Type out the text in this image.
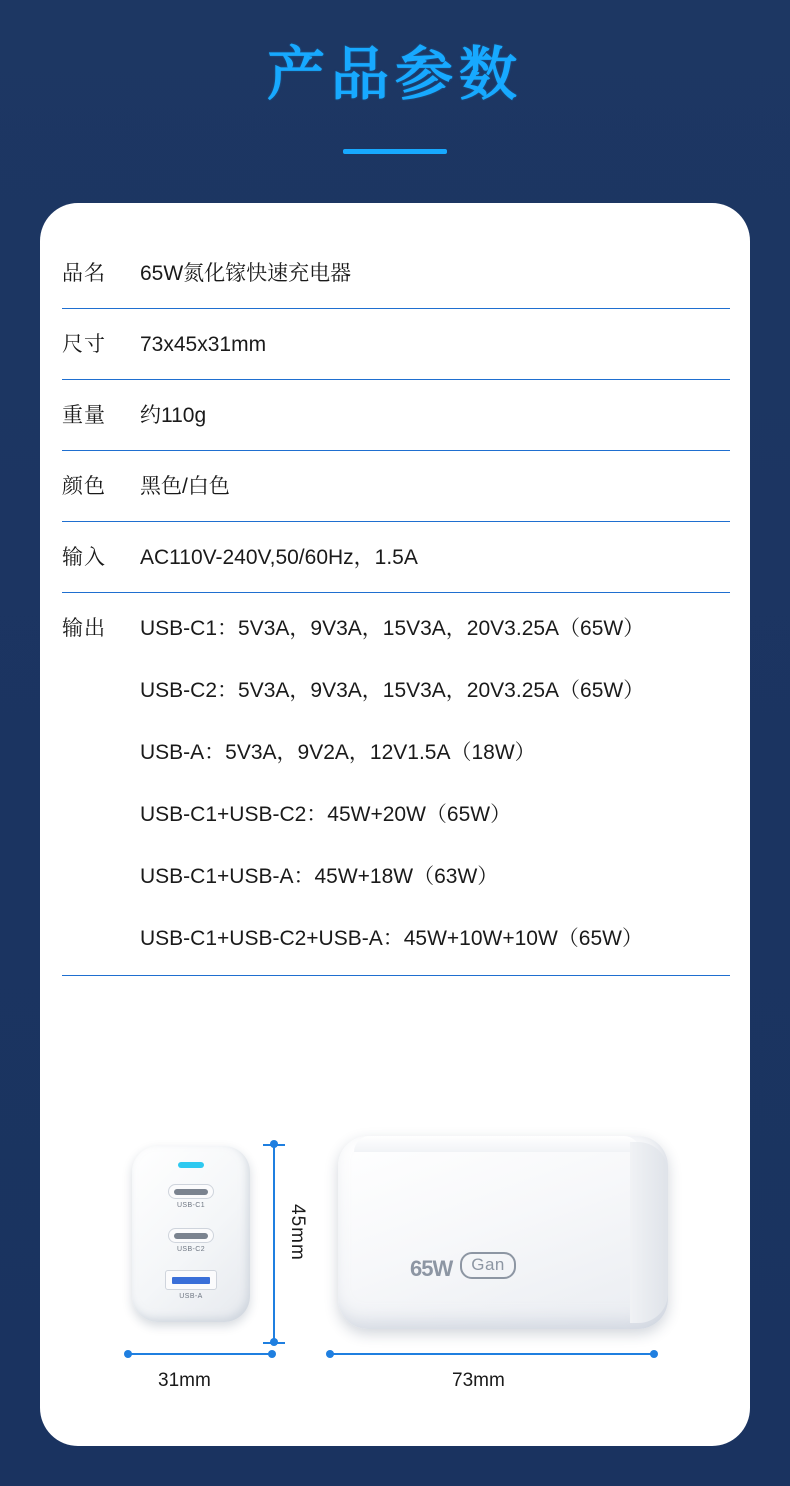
产品参数
品名	65W氮化镓快速充电器
尺寸	73x45x31mm
重量	约110g
颜色	黑色/白色
输入	AC110V-240V,50/60Hz，1.5A
输出	USB-C1：5V3A，9V3A，15V3A，20V3.25A（65W）
USB-C2：5V3A，9V3A，15V3A，20V3.25A（65W）
USB-A：5V3A，9V2A，12V1.5A（18W）
USB-C1+USB-C2：45W+20W（65W）
USB-C1+USB-A：45W+18W（63W）
USB-C1+USB-C2+USB-A：45W+10W+10W（65W）
USB-C1
USB-C2
USB-A
65W	Gan
45mm
31mm	73mm
